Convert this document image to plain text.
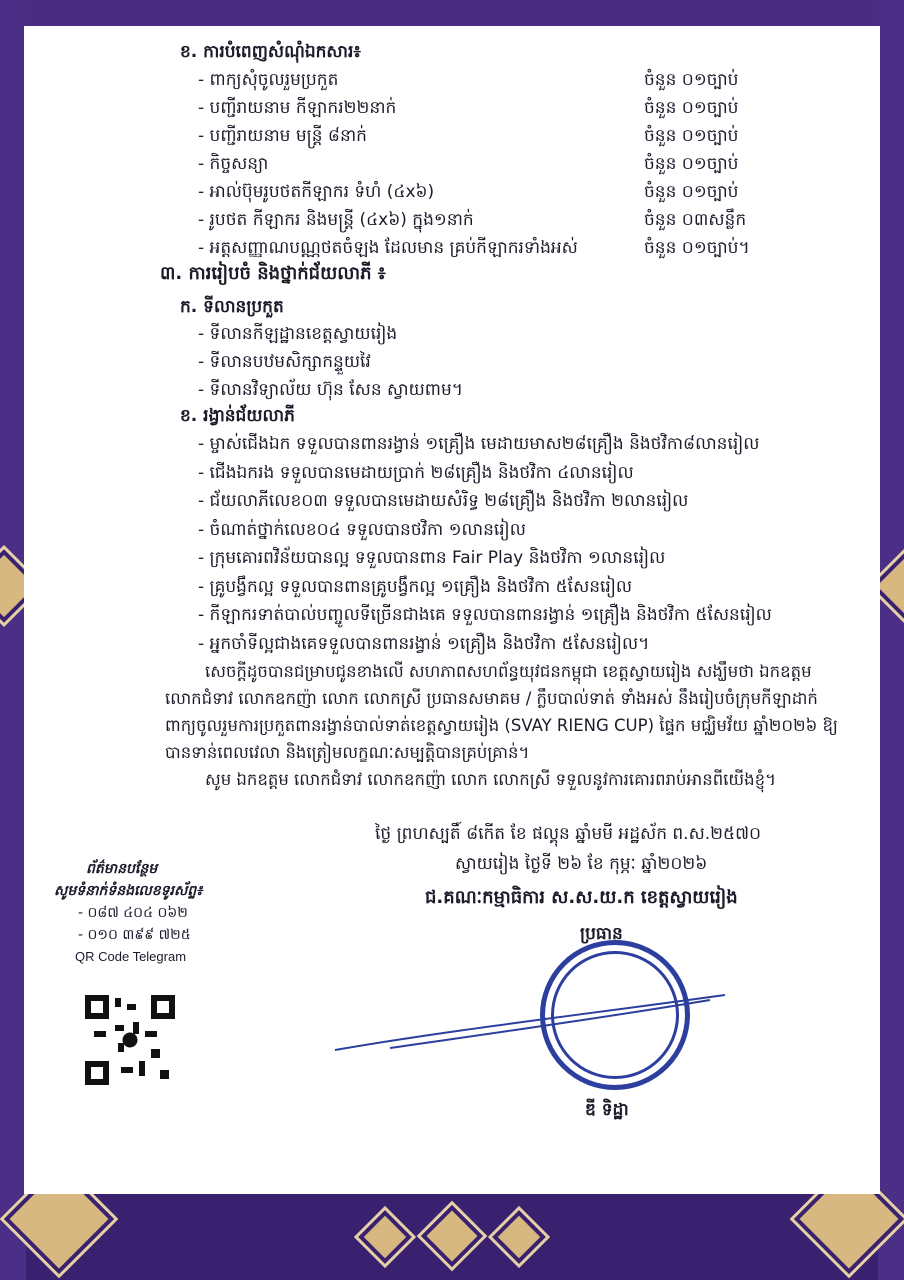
ខ. ការបំពេញសំណុំឯកសារ៖
៣. ការរៀបចំ និងថ្នាក់ជ័យលាភី ៖
ក. ទីលានប្រកួត
ខ. រង្វាន់ជ័យលាភី
សេចក្តីដូចបានជម្រាបជូនខាងលើ សហភាពសហព័ន្ធយុវជនកម្ពុជា ខេត្តស្វាយរៀង សង្ឃឹមថា ឯកឧត្តម
លោកជំទាវ លោកឧកញ៉ា លោក លោកស្រី ប្រធានសមាគម / ក្លឹបបាល់ទាត់ ទាំងអស់ នឹងរៀបចំក្រុមកីឡាដាក់
ពាក្យចូលរួមការប្រកួតពានរង្វាន់បាល់ទាត់ខេត្តស្វាយរៀង (SVAY RIENG CUP) ផ្ទៃក មជ្ឈិមវ័យ ឆ្នាំ២០២៦ ឱ្យ
បានទាន់ពេលវេលា និងត្រៀមលក្ខណៈសម្បត្តិបានគ្រប់គ្រាន់។
សូម ឯកឧត្តម លោកជំទាវ លោកឧកញ៉ា លោក លោកស្រី ទទួលនូវការគោរពរាប់អានពីយើងខ្ញុំ។
ថ្ងៃ ព្រហស្បតិ៍ ៨កើត ខែ ផល្គុន ឆ្នាំមមី អដ្ឋស័ក ព.ស.២៥៧០
ស្វាយរៀង ថ្ងៃទី ២៦ ខែ កុម្ភៈ ឆ្នាំ២០២៦
ជ.គណៈកម្មាធិការ ស.ស.យ.ក ខេត្តស្វាយរៀង
ប្រធាន
ឌី ទិដ្ឋា
ព័ត៌មានបន្ថែម
សូមទំនាក់ទំនងលេខទូរស័ព្ទ៖
- ០៨៧ ៤០៤ ០៦២
- ០១០ ៣៩៩ ៧២៥
QR Code Telegram
- ពាក្យសុំចូលរួមប្រកួត	ចំនួន ០១ច្បាប់
- បញ្ជីរាយនាម កីឡាករ២២នាក់	ចំនួន ០១ច្បាប់
- បញ្ជីរាយនាម មន្រ្តី ៨នាក់	ចំនួន ០១ច្បាប់
- កិច្ចសន្យា	ចំនួន ០១ច្បាប់
- អាល់ប៊ុមរូបថតកីឡាករ ទំហំ (៤x៦)	ចំនួន ០១ច្បាប់
- រូបថត កីឡាករ និងមន្ត្រី (៤x៦) ក្នុង១នាក់	ចំនួន ០៣សន្លឹក
- អត្តសញ្ញាណបណ្ណថតចំឡង ដែលមាន គ្រប់កីឡាករទាំងអស់	ចំនួន ០១ច្បាប់។
- ទីលានកីឡដ្ឋានខេត្តស្វាយរៀង
- ទីលានបឋមសិក្សាកន្ទួយវៃ
- ទីលានវិទ្យាល័យ ហ៊ុន សែន ស្វាយពាម។
- ម្ចាស់ជើងឯក ទទួលបានពានរង្វាន់ ១គ្រឿង មេដាយមាស២៨គ្រឿង និងថវិកា៨លានរៀល
- ជើងឯករង ទទួលបានមេដាយប្រាក់ ២៨គ្រឿង និងថវិកា ៤លានរៀល
- ជ័យលាភីលេខ០៣ ទទួលបានមេដាយសំរិទ្ធ ២៨គ្រឿង និងថវិកា ២លានរៀល
- ចំណាត់ថ្នាក់លេខ០៤ ទទួលបានថវិកា ១លានរៀល
- ក្រុមគោរពវិន័យបានល្អ ទទួលបានពាន Fair Play និងថវិកា ១លានរៀល
- គ្រូបង្វឹកល្អ ទទួលបានពានគ្រូបង្វឹកល្អ ១គ្រឿង និងថវិកា ៥សែនរៀល
- កីឡាករទាត់បាល់បញ្ចូលទីច្រើនជាងគេ ទទួលបានពានរង្វាន់ ១គ្រឿង និងថវិកា ៥សែនរៀល
- អ្នកចាំទីល្អជាងគេទទួលបានពានរង្វាន់ ១គ្រឿង និងថវិកា ៥សែនរៀល។
